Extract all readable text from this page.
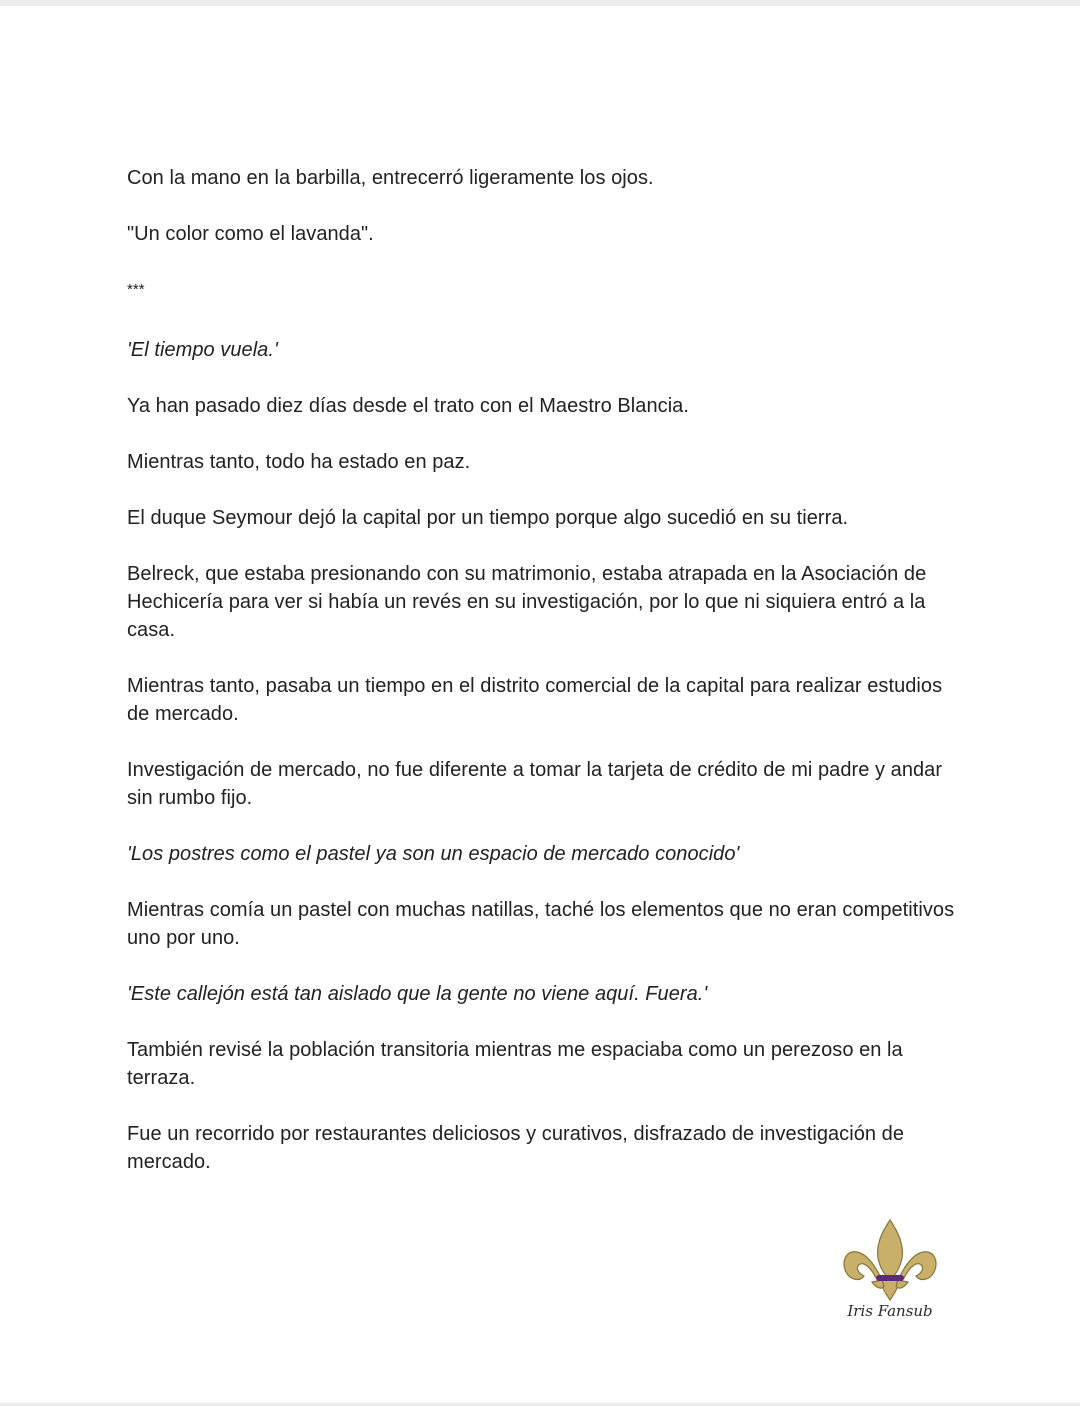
Con la mano en la barbilla, entrecerró ligeramente los ojos.

"Un color como el lavanda".

***

'El tiempo vuela.'

Ya han pasado diez días desde el trato con el Maestro Blancia.

Mientras tanto, todo ha estado en paz.

El duque Seymour dejó la capital por un tiempo porque algo sucedió en su tierra.

Belreck, que estaba presionando con su matrimonio, estaba atrapada en la Asociación de Hechicería para ver si había un revés en su investigación, por lo que ni siquiera entró a la casa.

Mientras tanto, pasaba un tiempo en el distrito comercial de la capital para realizar estudios de mercado.

Investigación de mercado, no fue diferente a tomar la tarjeta de crédito de mi padre y andar sin rumbo fijo.

'Los postres como el pastel ya son un espacio de mercado conocido'

Mientras comía un pastel con muchas natillas, taché los elementos que no eran competitivos uno por uno.

'Este callejón está tan aislado que la gente no viene aquí. Fuera.'

También revisé la población transitoria mientras me espaciaba como un perezoso en la terraza.

Fue un recorrido por restaurantes deliciosos y curativos, disfrazado de investigación de mercado.

Iris Fansub
